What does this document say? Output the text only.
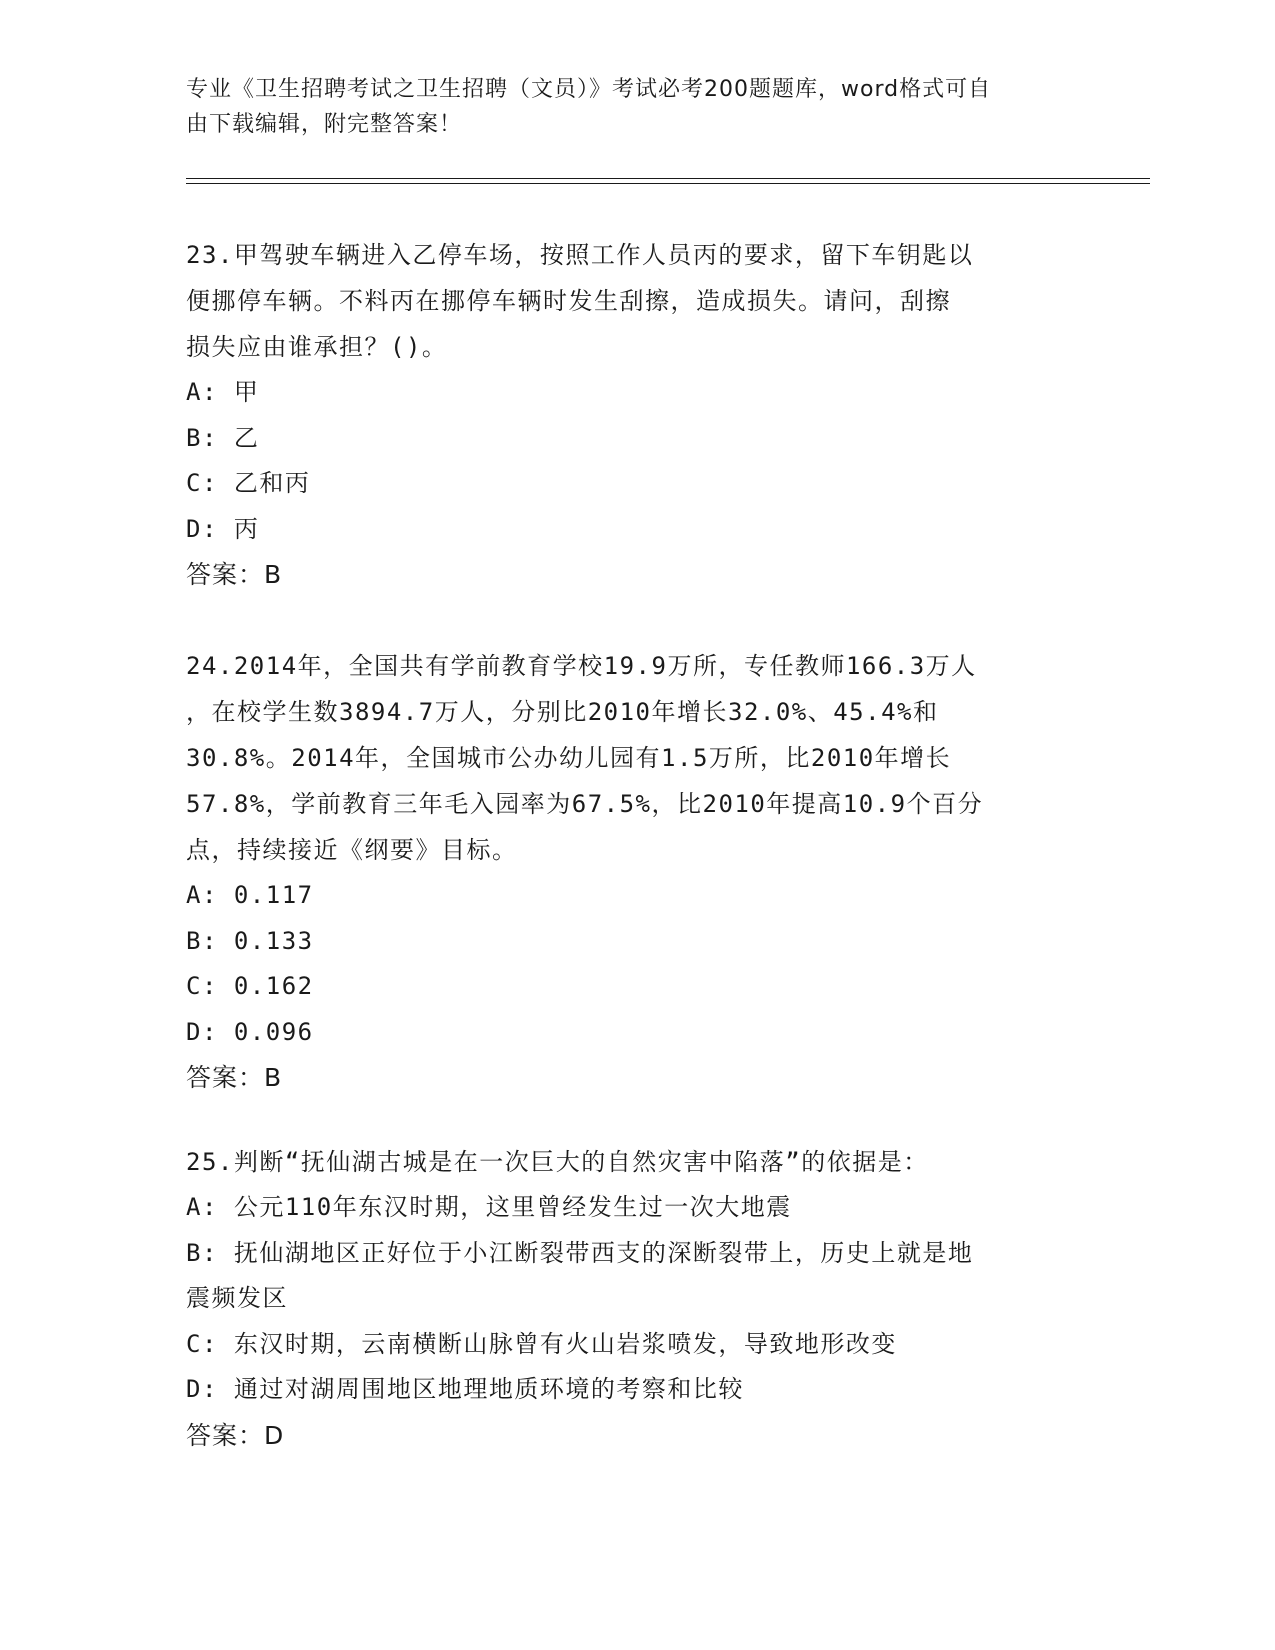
专业《卫生招聘考试之卫生招聘（文员）》考试必考200题题库，word格式可自
由下载编辑，附完整答案！
23.甲驾驶车辆进入乙停车场，按照工作人员丙的要求，留下车钥匙以
便挪停车辆。不料丙在挪停车辆时发生刮擦，造成损失。请问，刮擦
损失应由谁承担？()。
A: 甲
B: 乙
C: 乙和丙
D: 丙
答案：B
24.2014年，全国共有学前教育学校19.9万所，专任教师166.3万人
，在校学生数3894.7万人，分别比2010年增长32.0%、45.4%和
30.8%。2014年，全国城市公办幼儿园有1.5万所，比2010年增长
57.8%，学前教育三年毛入园率为67.5%，比2010年提高10.9个百分
点，持续接近《纲要》目标。
A: 0.117
B: 0.133
C: 0.162
D: 0.096
答案：B
25.判断“抚仙湖古城是在一次巨大的自然灾害中陷落”的依据是：
A: 公元110年东汉时期，这里曾经发生过一次大地震
B: 抚仙湖地区正好位于小江断裂带西支的深断裂带上，历史上就是地
震频发区
C: 东汉时期，云南横断山脉曾有火山岩浆喷发，导致地形改变
D: 通过对湖周围地区地理地质环境的考察和比较
答案：D
